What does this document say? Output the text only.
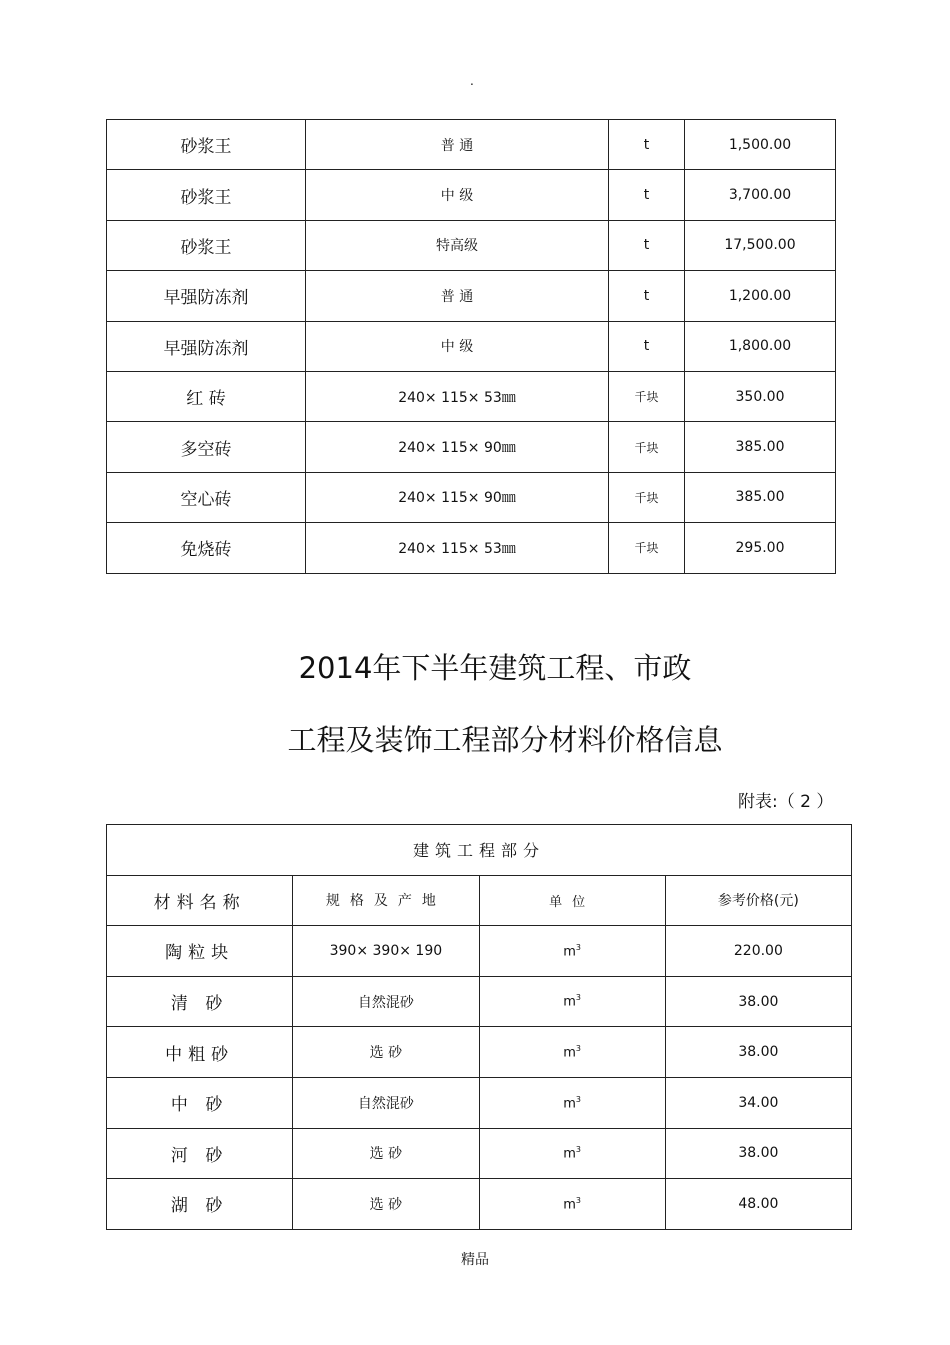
.
砂浆王	普 通	t	1,500.00
砂浆王	中 级	t	3,700.00
砂浆王	特高级	t	17,500.00
早强防冻剂	普 通	t	1,200.00
早强防冻剂	中 级	t	1,800.00
红 砖	240× 115× 53㎜	千块	350.00
多空砖	240× 115× 90㎜	千块	385.00
空心砖	240× 115× 90㎜	千块	385.00
免烧砖	240× 115× 53㎜	千块	295.00
2014年下半年建筑工程、市政
工程及装饰工程部分材料价格信息
附表:（ 2 ）
建筑工程部分			
材料名称	规格及产地	单位	参考价格(元)
陶粒块	390× 390× 190	$m^3$	220.00
清 砂	自然混砂	$m^3$	38.00
中粗砂	选 砂	$m^3$	38.00
中 砂	自然混砂	$m^3$	34.00
河 砂	选 砂	$m^3$	38.00
湖 砂	选 砂	$m^3$	48.00
精品
